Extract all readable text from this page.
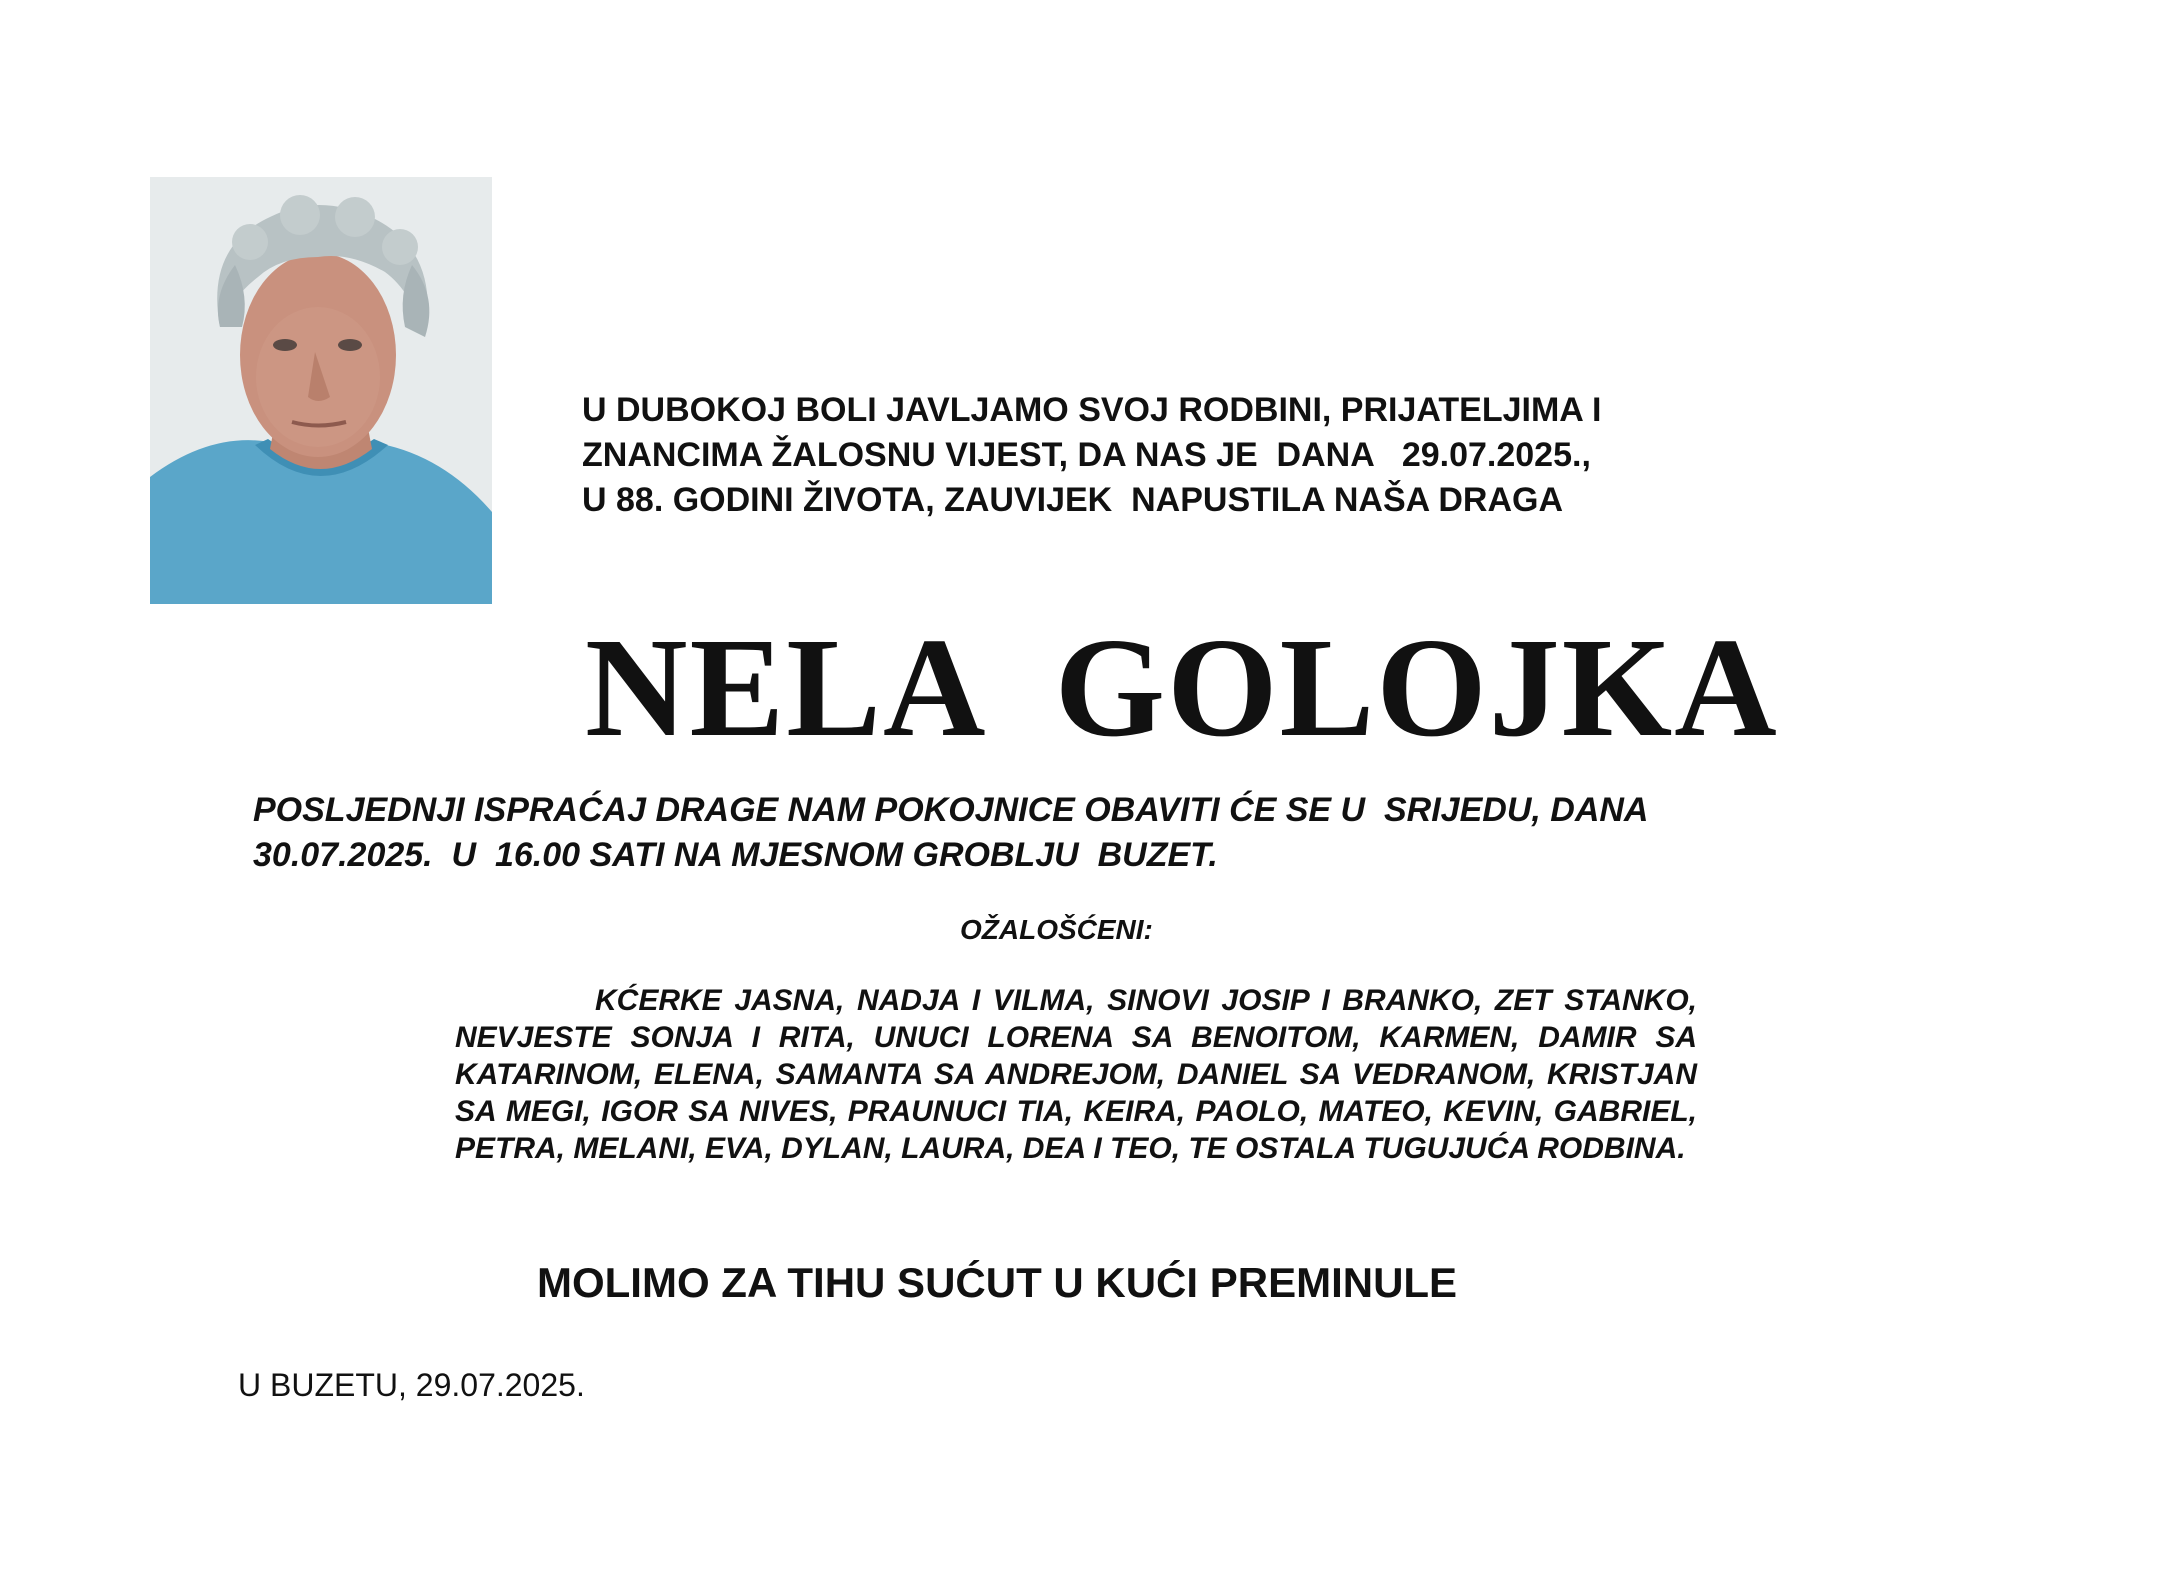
U DUBOKOJ BOLI JAVLJAMO SVOJ RODBINI, PRIJATELJIMA I
ZNANCIMA ŽALOSNU VIJEST, DA NAS JE  DANA   29.07.2025.,
U 88. GODINI ŽIVOTA, ZAUVIJEK  NAPUSTILA NAŠA DRAGA
NELA  GOLOJKA
POSLJEDNJI ISPRAĆAJ DRAGE NAM POKOJNICE OBAVITI ĆE SE U  SRIJEDU, DANA
30.07.2025.  U  16.00 SATI NA MJESNOM GROBLJU  BUZET.
OŽALOŠĆENI:
KĆERKE JASNA, NADJA I VILMA, SINOVI JOSIP I BRANKO, ZET STANKO, NEVJESTE SONJA I RITA, UNUCI LORENA SA BENOITOM, KARMEN, DAMIR SA KATARINOM, ELENA, SAMANTA SA ANDREJOM, DANIEL SA VEDRANOM, KRISTJAN SA MEGI, IGOR SA NIVES, PRAUNUCI TIA, KEIRA, PAOLO, MATEO, KEVIN, GABRIEL, PETRA, MELANI, EVA, DYLAN, LAURA, DEA I TEO, TE OSTALA TUGUJUĆA RODBINA.
MOLIMO ZA TIHU SUĆUT U KUĆI PREMINULE
U BUZETU, 29.07.2025.
